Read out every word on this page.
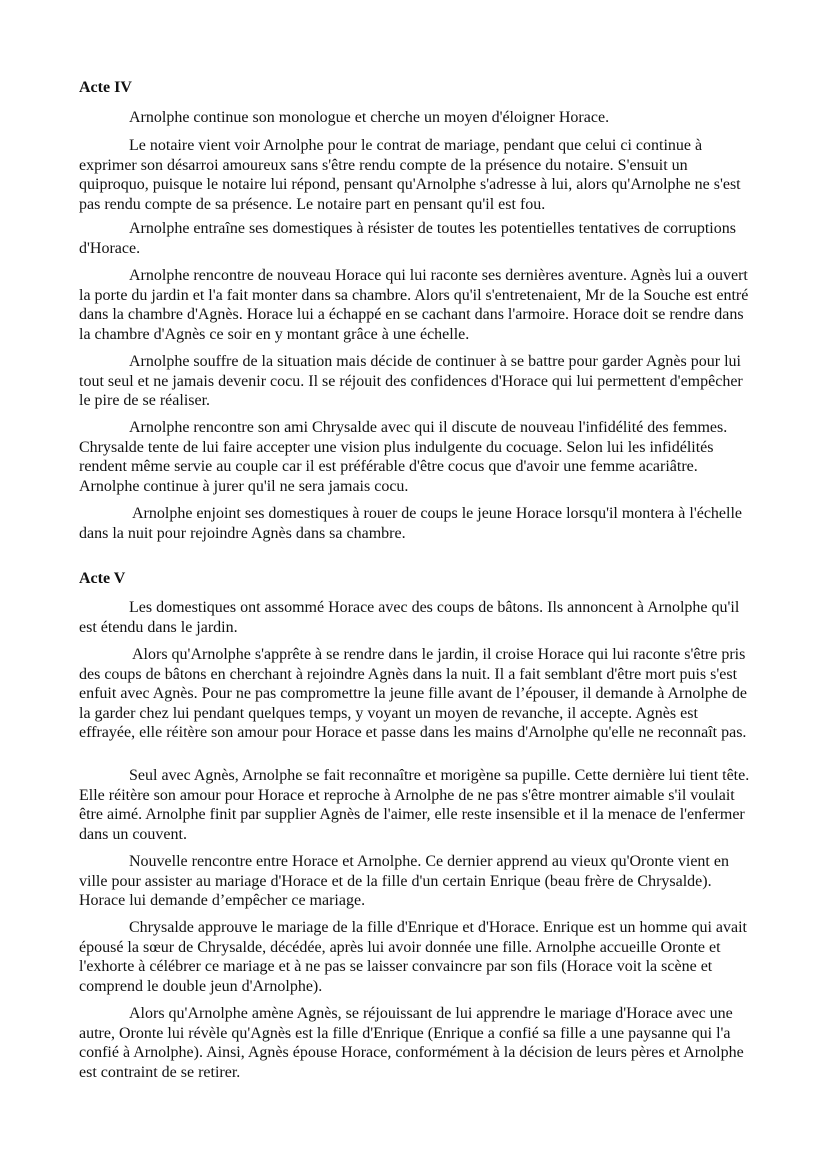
Acte IV

Arnolphe continue son monologue et cherche un moyen d'éloigner Horace.

Le notaire vient voir Arnolphe pour le contrat de mariage, pendant que celui ci continue à exprimer son désarroi amoureux sans s'être rendu compte de la présence du notaire. S'ensuit un quiproquo, puisque le notaire lui répond, pensant qu'Arnolphe s'adresse à lui, alors qu'Arnolphe ne s'est pas rendu compte de sa présence. Le notaire part en pensant qu'il est fou.

Arnolphe entraîne ses domestiques à résister de toutes les potentielles tentatives de corruptions d'Horace.

Arnolphe rencontre de nouveau Horace qui lui raconte ses dernières aventure. Agnès lui a ouvert la porte du jardin et l'a fait monter dans sa chambre. Alors qu'il s'entretenaient, Mr de la Souche est entré dans la chambre d'Agnès. Horace lui a échappé en se cachant dans l'armoire. Horace doit se rendre dans la chambre d'Agnès ce soir en y montant grâce à une échelle.

Arnolphe souffre de la situation mais décide de continuer à se battre pour garder Agnès pour lui tout seul et ne jamais devenir cocu. Il se réjouit des confidences d'Horace qui lui permettent d'empêcher le pire de se réaliser.

Arnolphe rencontre son ami Chrysalde avec qui il discute de nouveau l'infidélité des femmes. Chrysalde tente de lui faire accepter une vision plus indulgente du cocuage. Selon lui les infidélités rendent même servie au couple car il est préférable d'être cocus que d'avoir une femme acariâtre. Arnolphe continue à jurer qu'il ne sera jamais cocu.

Arnolphe enjoint ses domestiques à rouer de coups le jeune Horace lorsqu'il montera à l'échelle dans la nuit pour rejoindre Agnès dans sa chambre.

Acte V

Les domestiques ont assommé Horace avec des coups de bâtons. Ils annoncent à Arnolphe qu'il est étendu dans le jardin.

Alors qu'Arnolphe s'apprête à se rendre dans le jardin, il croise Horace qui lui raconte s'être pris des coups de bâtons en cherchant à rejoindre Agnès dans la nuit. Il a fait semblant d'être mort puis s'est enfuit avec Agnès. Pour ne pas compromettre la jeune fille avant de l’épouser, il demande à Arnolphe de la garder chez lui pendant quelques temps, y voyant un moyen de revanche, il accepte. Agnès est effrayée, elle réitère son amour pour Horace et passe dans les mains d'Arnolphe qu'elle ne reconnaît pas.

Seul avec Agnès, Arnolphe se fait reconnaître et morigène sa pupille. Cette dernière lui tient tête. Elle réitère son amour pour Horace et reproche à Arnolphe de ne pas s'être montrer aimable s'il voulait être aimé. Arnolphe finit par supplier Agnès de l'aimer, elle reste insensible et il la menace de l'enfermer dans un couvent.

Nouvelle rencontre entre Horace et Arnolphe. Ce dernier apprend au vieux qu'Oronte vient en ville pour assister au mariage d'Horace et de la fille d'un certain Enrique (beau frère de Chrysalde). Horace lui demande d’empêcher ce mariage.

Chrysalde approuve le mariage de la fille d'Enrique et d'Horace. Enrique est un homme qui avait épousé la sœur de Chrysalde, décédée, après lui avoir donnée une fille. Arnolphe accueille Oronte et l'exhorte à célébrer ce mariage et à ne pas se laisser convaincre par son fils (Horace voit la scène et comprend le double jeun d'Arnolphe).

Alors qu'Arnolphe amène Agnès, se réjouissant de lui apprendre le mariage d'Horace avec une autre, Oronte lui révèle qu'Agnès est la fille d'Enrique (Enrique a confié sa fille a une paysanne qui l'a confié à Arnolphe). Ainsi, Agnès épouse Horace, conformément à la décision de leurs pères et Arnolphe est contraint de se retirer.
